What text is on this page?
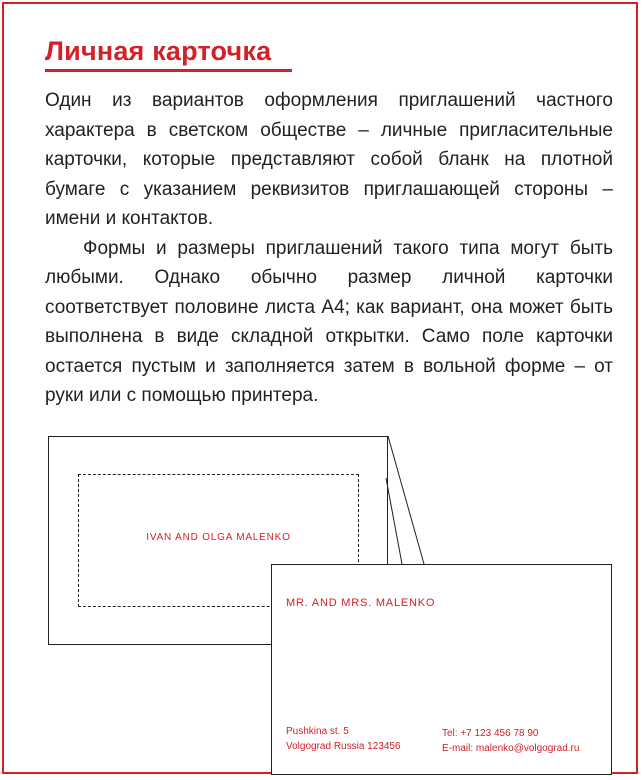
Личная карточка

Один из вариантов оформления приглашений частного характера в светском обществе – личные пригласительные карточки, которые представляют собой бланк на плотной бумаге с указанием реквизитов приглашающей стороны – имени и контактов.

Формы и размеры приглашений такого типа могут быть любыми. Однако обычно размер личной карточки соответствует половине листа А4; как вариант, она может быть выполнена в виде складной открытки. Само поле карточки остается пустым и заполняется затем в вольной форме – от руки или с помощью принтера.

IVAN AND OLGA MALENKO
MR. AND MRS. MALENKO
Pushkina st. 5
Volgograd Russia 123456
Tel: +7 123 456 78 90
E-mail: malenko@volgograd.ru
